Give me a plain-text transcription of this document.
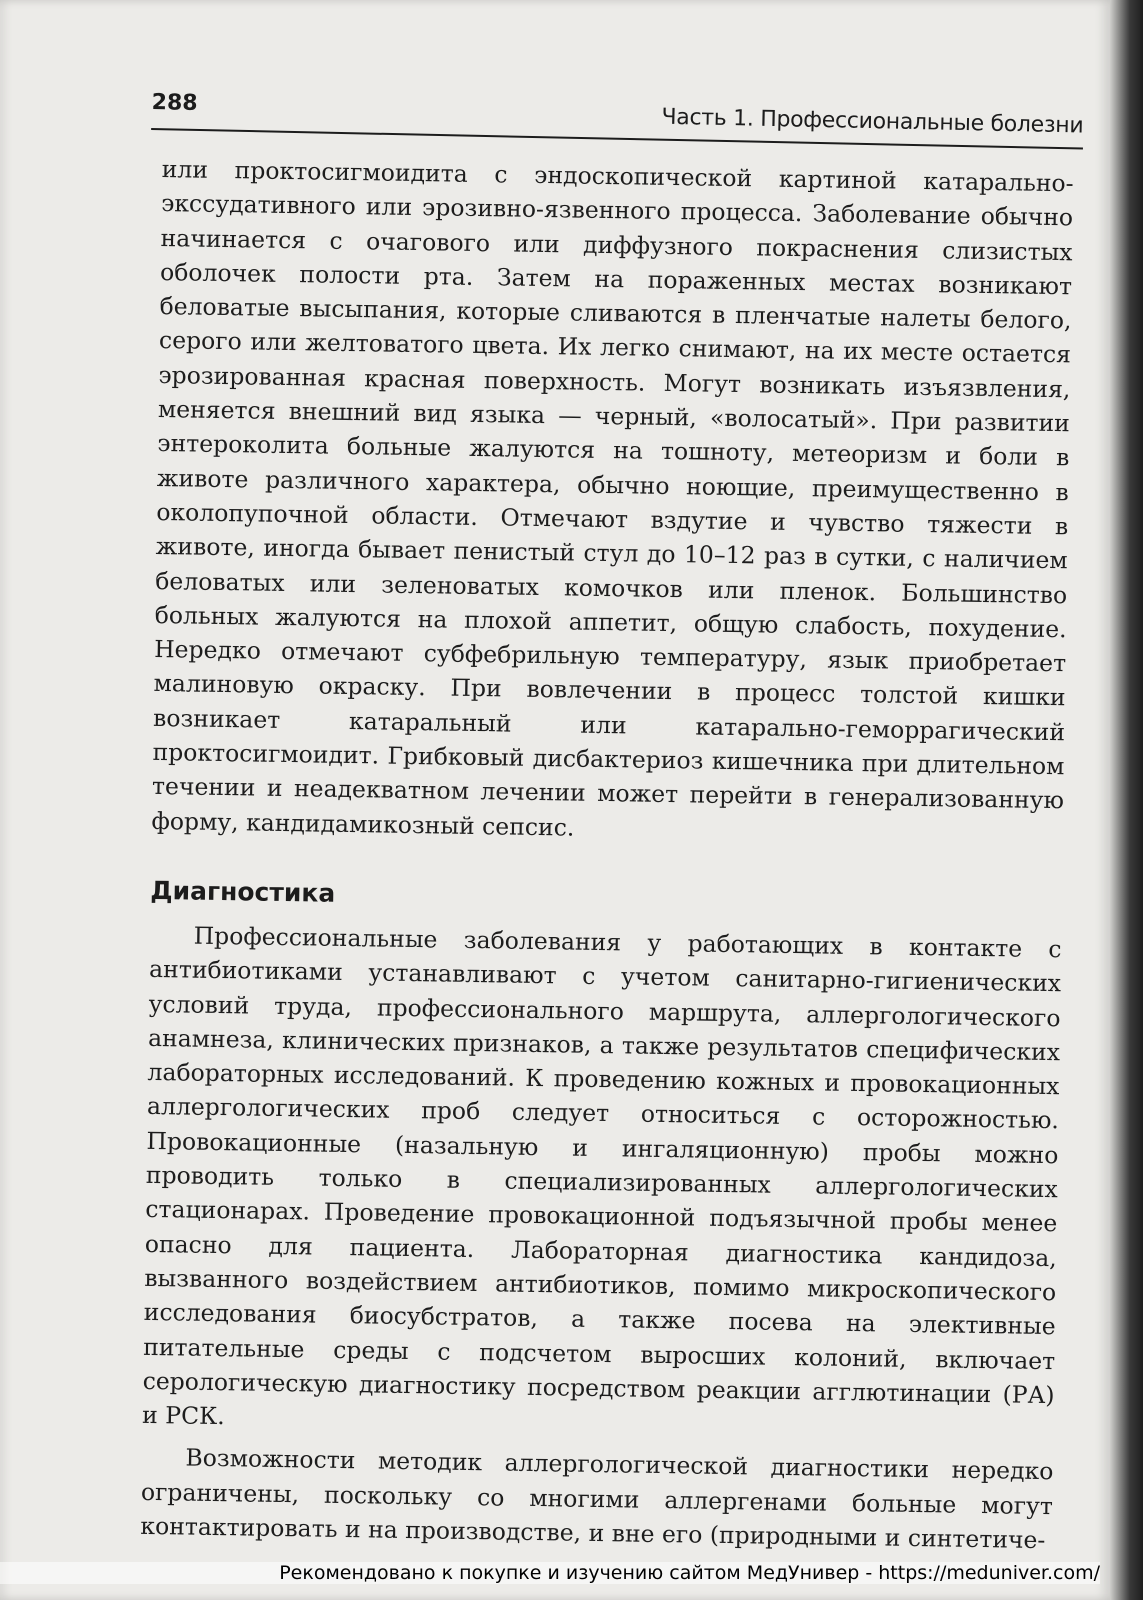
288
Часть 1. Профессиональные болезни

или проктосигмоидита с эндоскопической картиной катарально-экссудативного или эрозивно-язвенного процесса. Заболевание обычно начинается с очагового или диффузного покраснения слизистых оболочек полости рта. Затем на пораженных местах возникают беловатые высыпания, которые сливаются в пленчатые налеты белого, серого или желтоватого цвета. Их легко снимают, на их месте остается эрозированная красная поверхность. Могут возникать изъязвления, меняется внешний вид языка — черный, «волосатый». При развитии энтероколита больные жалуются на тошноту, метеоризм и боли в животе различного характера, обычно ноющие, преимущественно в околопупочной области. Отмечают вздутие и чувство тяжести в животе, иногда бывает пенистый стул до 10–12 раз в сутки, с наличием беловатых или зеленоватых комочков или пленок. Большинство больных жалуются на плохой аппетит, общую слабость, похудение. Нередко отмечают субфебрильную температуру, язык приобретает малиновую окраску. При вовлечении в процесс толстой кишки возникает катаральный или катарально-геморрагический проктосигмоидит. Грибковый дисбактериоз кишечника при длительном течении и неадекватном лечении может перейти в генерализованную форму, кандидамикозный сепсис.

Диагностика

Профессиональные заболевания у работающих в контакте с антибиотиками устанавливают с учетом санитарно-гигиенических условий труда, профессионального маршрута, аллергологического анамнеза, клинических признаков, а также результатов специфических лабораторных исследований. К проведению кожных и провокационных аллергологических проб следует относиться с осторожностью. Провокационные (назальную и ингаляционную) пробы можно проводить только в специализированных аллергологических стационарах. Проведение провокационной подъязычной пробы менее опасно для пациента. Лабораторная диагностика кандидоза, вызванного воздействием антибиотиков, помимо микроскопического исследования биосубстратов, а также посева на элективные питательные среды с подсчетом выросших колоний, включает серологическую диагностику посредством реакции агглютинации (РА) и РСК.

Возможности методик аллергологической диагностики нередко ограничены, поскольку со многими аллергенами больные могут контактировать и на производстве, и вне его (природными и синтетиче-

Рекомендовано к покупке и изучению сайтом МедУнивер - https://meduniver.com/
